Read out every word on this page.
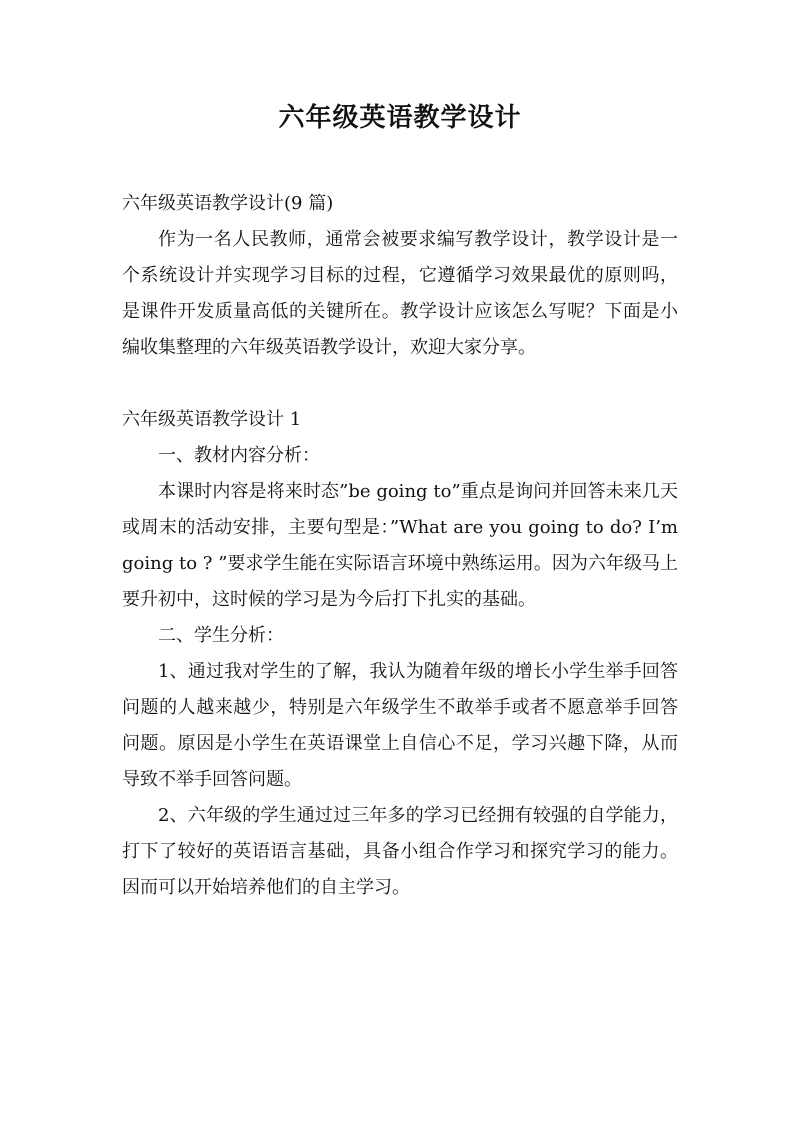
六年级英语教学设计

六年级英语教学设计(9 篇)

作为一名人民教师，通常会被要求编写教学设计，教学设计是一个系统设计并实现学习目标的过程，它遵循学习效果最优的原则吗，是课件开发质量高低的关键所在。教学设计应该怎么写呢？下面是小编收集整理的六年级英语教学设计，欢迎大家分享。

六年级英语教学设计 1

一、教材内容分析：

本课时内容是将来时态”be going to”重点是询问并回答未来几天或周末的活动安排，主要句型是：”What are you going to do? I’m going to ? ”要求学生能在实际语言环境中熟练运用。因为六年级马上要升初中，这时候的学习是为今后打下扎实的基础。

二、学生分析：

1、通过我对学生的了解，我认为随着年级的增长小学生举手回答问题的人越来越少，特别是六年级学生不敢举手或者不愿意举手回答问题。原因是小学生在英语课堂上自信心不足，学习兴趣下降，从而导致不举手回答问题。

2、六年级的学生通过过三年多的学习已经拥有较强的自学能力，打下了较好的英语语言基础，具备小组合作学习和探究学习的能力。因而可以开始培养他们的自主学习。
